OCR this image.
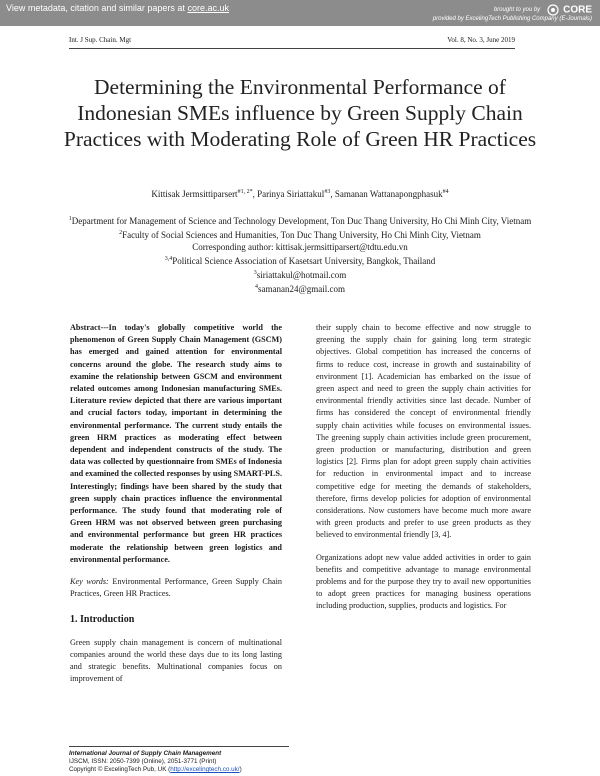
View metadata, citation and similar papers at core.ac.uk	brought to you by CORE
provided by ExcelingTech Publishing Company (E-Journals)
Int. J Sup. Chain. Mgt	Vol. 8, No. 3, June 2019
Determining the Environmental Performance of Indonesian SMEs influence by Green Supply Chain Practices with Moderating Role of Green HR Practices
Kittisak Jermsittiparsert$^{\#1, 2*}$, Parinya Siriattakul$^{\#3}$, Samanan Wattanapongphasuk$^{\#4}$
$^1$Department for Management of Science and Technology Development, Ton Duc Thang University, Ho Chi Minh City, Vietnam
$^2$Faculty of Social Sciences and Humanities, Ton Duc Thang University, Ho Chi Minh City, Vietnam
Corresponding author: kittisak.jermsittiparsert@tdtu.edu.vn
$^{3,4}$Political Science Association of Kasetsart University, Bangkok, Thailand
$^3$siriattakul@hotmail.com
$^4$samanan24@gmail.com

Abstract---In today's globally competitive world the phenomenon of Green Supply Chain Management (GSCM) has emerged and gained attention for environmental concerns around the globe. The research study aims to examine the relationship between GSCM and environment related outcomes among Indonesian manufacturing SMEs. Literature review depicted that there are various important and crucial factors today, important in determining the environmental performance. The current study entails the green HRM practices as moderating effect between dependent and independent constructs of the study. The data was collected by questionnaire from SMEs of Indonesia and examined the collected responses by using SMART-PLS. Interestingly; findings have been shared by the study that green supply chain practices influence the environmental performance. The study found that moderating role of Green HRM was not observed between green purchasing and environmental performance but green HR practices moderate the relationship between green logistics and environmental performance.

Key words: Environmental Performance, Green Supply Chain Practices, Green HR Practices.

1. Introduction

Green supply chain management is concern of multinational companies around the world these days due to its long lasting and strategic benefits. Multinational companies focus on improvement of

their supply chain to become effective and now struggle to greening the supply chain for gaining long term strategic objectives. Global competition has increased the concerns of firms to reduce cost, increase in growth and sustainability of environment [1]. Academician has embarked on the issue of green aspect and need to green the supply chain activities for environmental friendly activities since last decade. Number of firms has considered the concept of environmental friendly supply chain activities while focuses on environmental issues. The greening supply chain activities include green procurement, green production or manufacturing, distribution and green logistics [2]. Firms plan for adopt green supply chain activities for reduction in environmental impact and to increase competitive edge for meeting the demands of stakeholders, therefore, firms develop policies for adoption of environmental considerations. Now customers have become much more aware with green products and prefer to use green products as they believed to environmental friendly [3, 4].

Organizations adopt new value added activities in order to gain benefits and competitive advantage to manage environmental problems and for the purpose they try to avail new opportunities to adopt green practices for managing business operations including production, supplies, products and logistics. For

International Journal of Supply Chain Management
IJSCM, ISSN: 2050-7399 (Online), 2051-3771 (Print)
Copyright © ExcelingTech Pub, UK (http://excelingtech.co.uk/)
